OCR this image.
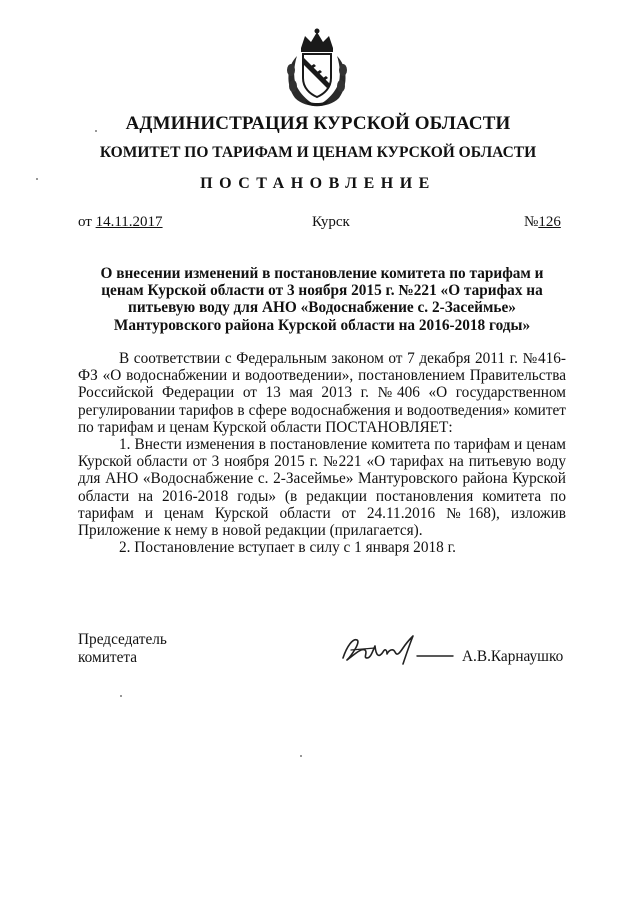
АДМИНИСТРАЦИЯ КУРСКОЙ ОБЛАСТИ
КОМИТЕТ ПО ТАРИФАМ И ЦЕНАМ КУРСКОЙ ОБЛАСТИ
ПОСТАНОВЛЕНИЕ
от 14.11.2017	Курск	№126
О внесении изменений в постановление комитета по тарифам и ценам Курской области от 3 ноября 2015 г. №221 «О тарифах на питьевую воду для АНО «Водоснабжение с. 2-Засеймье» Мантуровского района Курской области на 2016-2018 годы»

В соответствии с Федеральным законом от 7 декабря 2011 г. №416-ФЗ «О водоснабжении и водоотведении», постановлением Правительства Российской Федерации от 13 мая 2013 г. №406 «О государственном регулировании тарифов в сфере водоснабжения и водоотведения» комитет по тарифам и ценам Курской области ПОСТАНОВЛЯЕТ:

1. Внести изменения в постановление комитета по тарифам и ценам Курской области от 3 ноября 2015 г. №221 «О тарифах на питьевую воду для АНО «Водоснабжение с. 2-Засеймье» Мантуровского района Курской области на 2016-2018 годы» (в редакции постановления комитета по тарифам и ценам Курской области от 24.11.2016 №168), изложив Приложение к нему в новой редакции (прилагается).

2. Постановление вступает в силу с 1 января 2018 г.

Председатель
комитета	А.В.Карнаушко
